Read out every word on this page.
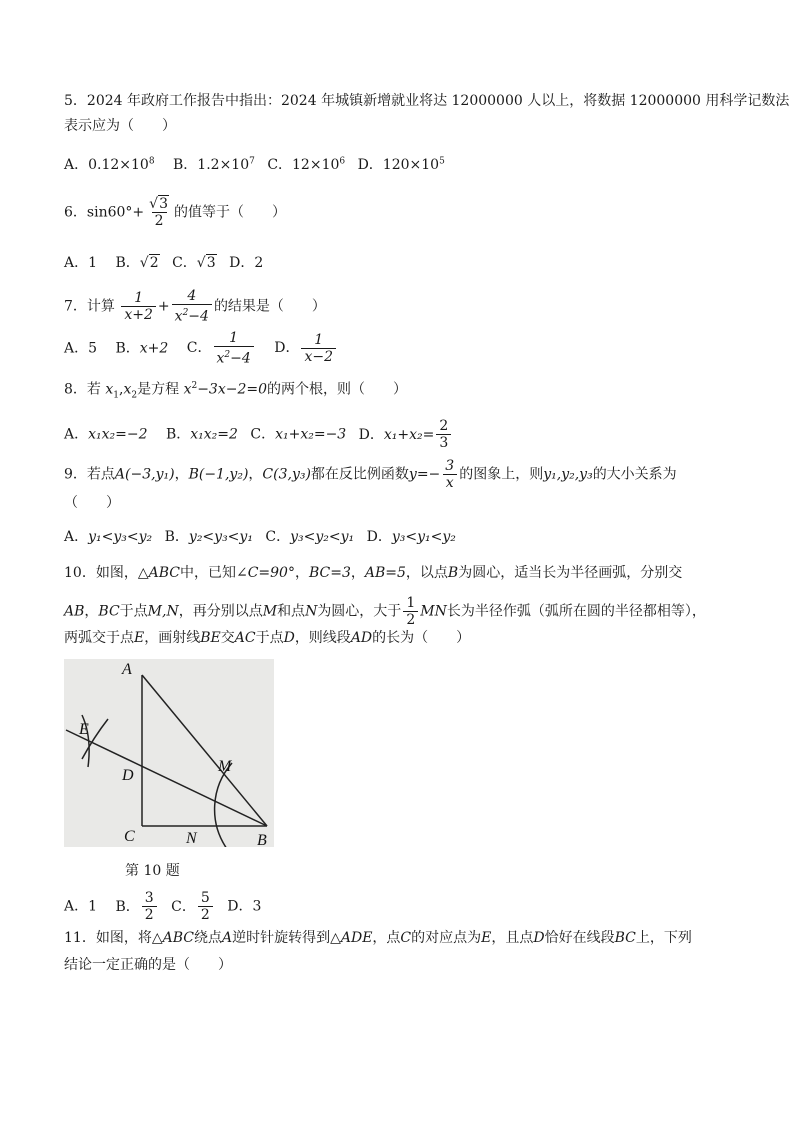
5．2024 年政府工作报告中指出：2024 年城镇新增就业将达 12000000 人以上，将数据 12000000 用科学记数法
表示应为（　　）
A．$0.12\times 10^8$ B．$1.2\times 10^7$ C．$12\times 10^6$ D．$120\times 10^5$
6．$\sin 60^\circ+ \frac{√3}{2}$ 的值等于（　　）
A．1 B．√2 C．√3 D．2
7．计算 $\frac{1}{x+2} + \frac{4}{x^2-4}$ 的结果是（　　）
A．5 B．x+2 C． $\frac{1}{x^2-4}$ D． $\frac{1}{x-2}$
8．若 $x_1,x_2$是方程 $x^2-3x-2=0$的两个根，则（　　）
A．x₁x₂=−2 B．x₁x₂=2 C．x₁+x₂=−3 D．$x_1+x_2= \frac{2}{3}$
9．若点A(−3,y₁)，B(−1,y₂)，C(3,y₃)都在反比例函数$y=- \frac{3}{x}$ 的图象上，则y₁,y₂,y₃的大小关系为
（　　）
A．y₁<y₃<y₂ B．y₂<y₃<y₁ C．y₃<y₂<y₁ D．y₃<y₁<y₂
10．如图，△ABC中，已知∠C=90°，BC=3，AB=5，以点B为圆心，适当长为半径画弧，分别交
AB，BC于点M,N，再分别以点M和点N为圆心，大于 $\frac{1}{2}$ MN长为半径作弧（弧所在圆的半径都相等），
两弧交于点E，画射线BE交AC于点D，则线段AD的长为（　　）
A
E
D
M
C	N	B
第 10 题
A．1 B． $\frac{3}{2}$ C． $\frac{5}{2}$ D．3
11．如图，将△ABC绕点A逆时针旋转得到△ADE，点C的对应点为E，且点D恰好在线段BC上，下列
结论一定正确的是（　　）
